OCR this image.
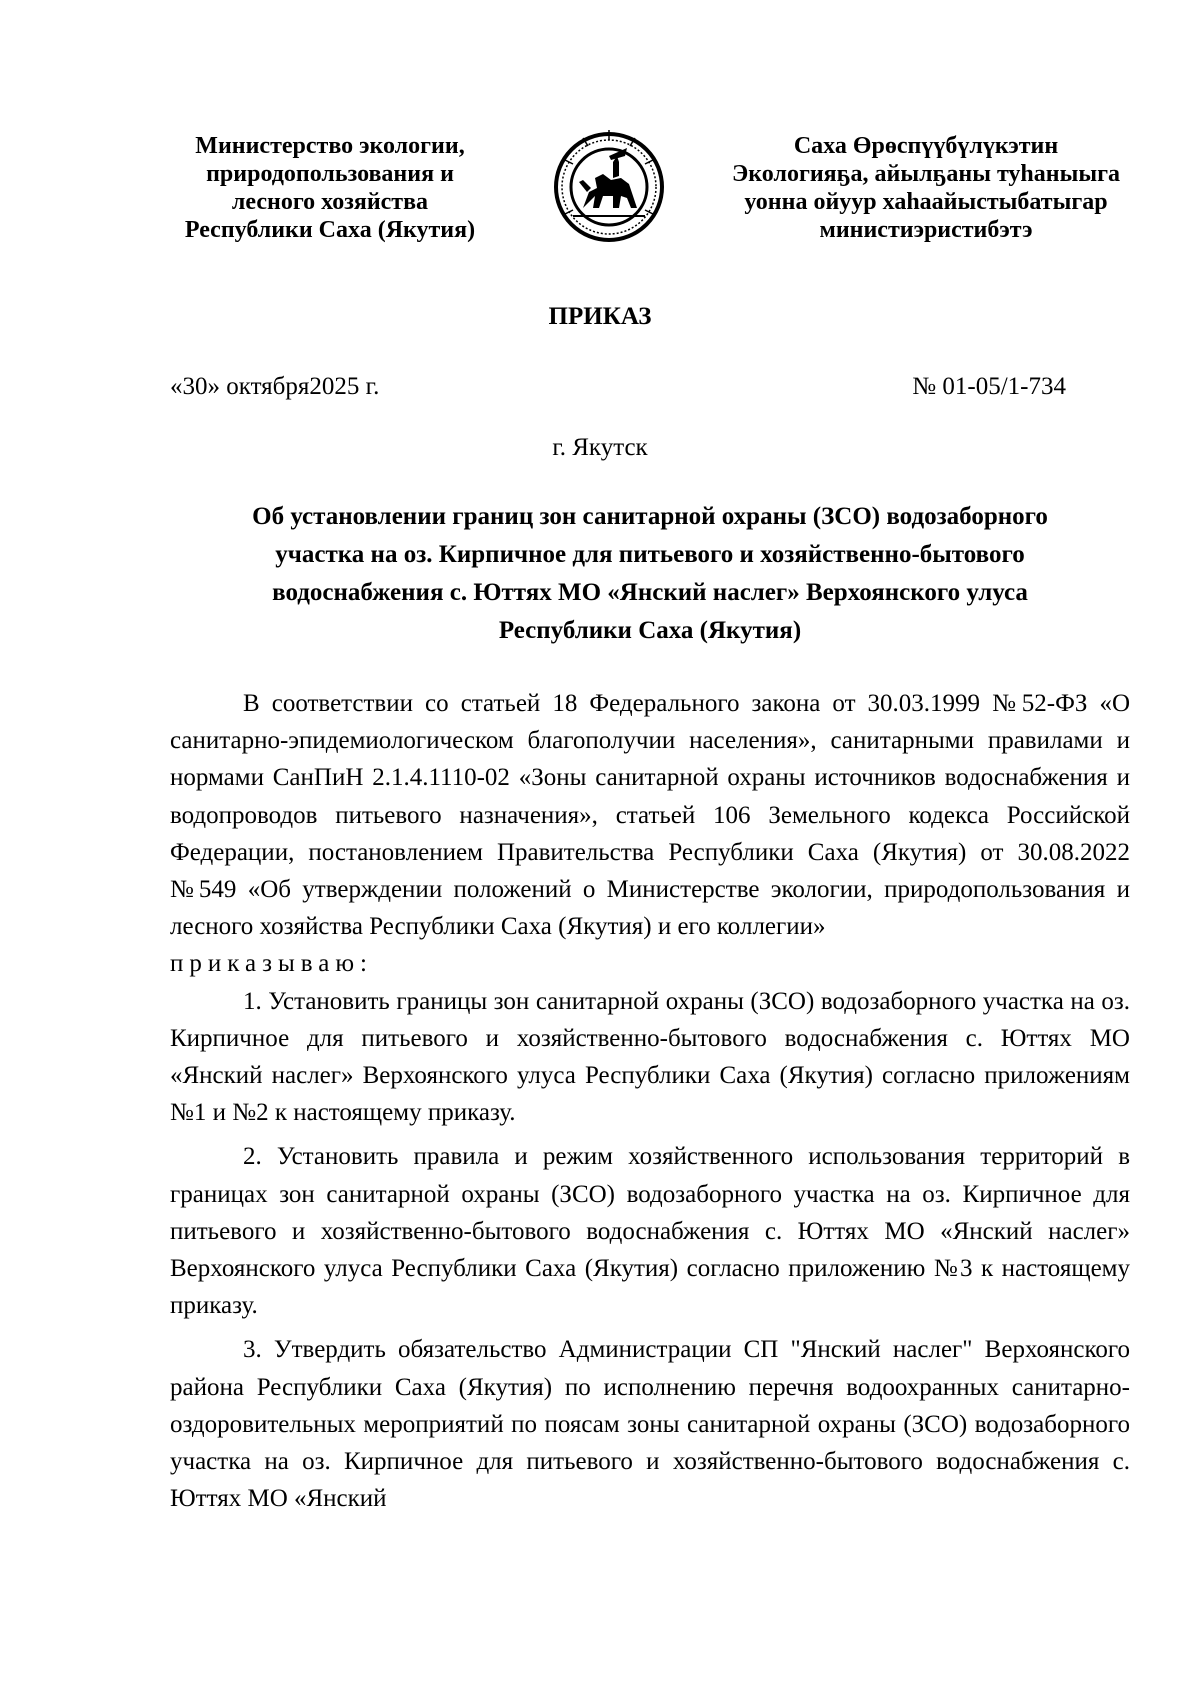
Министерство экологии,
природопользования и
лесного хозяйства
Республики Саха (Якутия)
Саха Өрөспүүбүлүкэтин
Экологияҕа, айылҕаны туһаныыга
уонна ойуур хаһаайыстыбатыгар
министиэристибэтэ
ПРИКАЗ
«30» октября2025 г.	№ 01-05/1-734
г. Якутск
Об установлении границ зон санитарной охраны (ЗСО) водозаборного
участка на оз. Кирпичное для питьевого и хозяйственно-бытового
водоснабжения с. Юттях МО «Янский наслег» Верхоянского улуса
Республики Саха (Якутия)

В соответствии со статьей 18 Федерального закона от 30.03.1999 №52-ФЗ «О санитарно-эпидемиологическом благополучии населения», санитарными правилами и нормами СанПиН 2.1.4.1110-02 «Зоны санитарной охраны источников водоснабжения и водопроводов питьевого назначения», статьей 106 Земельного кодекса Российской Федерации, постановлением Правительства Республики Саха (Якутия) от 30.08.2022 №549 «Об утверждении положений о Министерстве экологии, природопользования и лесного хозяйства Республики Саха (Якутия) и его коллегии»

приказываю:

1. Установить границы зон санитарной охраны (ЗСО) водозаборного участка на оз. Кирпичное для питьевого и хозяйственно-бытового водоснабжения с. Юттях МО «Янский наслег» Верхоянского улуса Республики Саха (Якутия) согласно приложениям №1 и №2 к настоящему приказу.

2. Установить правила и режим хозяйственного использования территорий в границах зон санитарной охраны (ЗСО) водозаборного участка на оз. Кирпичное для питьевого и хозяйственно-бытового водоснабжения с. Юттях МО «Янский наслег» Верхоянского улуса Республики Саха (Якутия) согласно приложению №3 к настоящему приказу.

3. Утвердить обязательство Администрации СП "Янский наслег" Верхоянского района Республики Саха (Якутия) по исполнению перечня водоохранных санитарно-оздоровительных мероприятий по поясам зоны санитарной охраны (ЗСО) водозаборного участка на оз. Кирпичное для питьевого и хозяйственно-бытового водоснабжения с. Юттях МО «Янский
